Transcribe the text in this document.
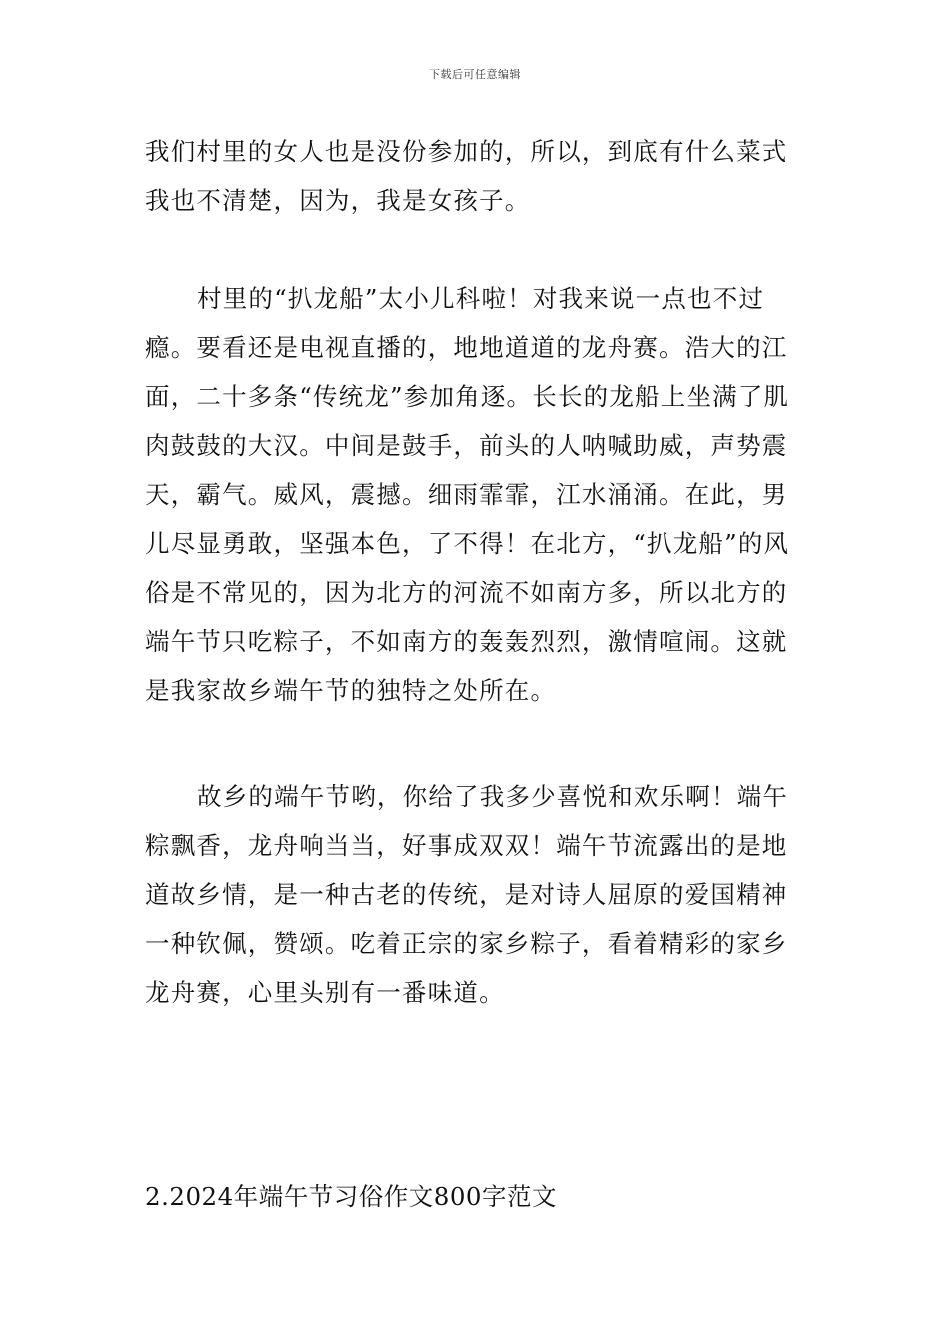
下载后可任意编辑

我们村里的女人也是没份参加的，所以，到底有什么菜式我也不清楚，因为，我是女孩子。

村里的“扒龙船”太小儿科啦！对我来说一点也不过瘾。要看还是电视直播的，地地道道的龙舟赛。浩大的江面，二十多条“传统龙”参加角逐。长长的龙船上坐满了肌肉鼓鼓的大汉。中间是鼓手，前头的人呐喊助威，声势震天，霸气。威风，震撼。细雨霏霏，江水涌涌。在此，男儿尽显勇敢，坚强本色，了不得！在北方，“扒龙船”的风俗是不常见的，因为北方的河流不如南方多，所以北方的端午节只吃粽子，不如南方的轰轰烈烈，激情喧闹。这就是我家故乡端午节的独特之处所在。

故乡的端午节哟，你给了我多少喜悦和欢乐啊！端午粽飘香，龙舟响当当，好事成双双！端午节流露出的是地道故乡情，是一种古老的传统，是对诗人屈原的爱国精神一种钦佩，赞颂。吃着正宗的家乡粽子，看着精彩的家乡龙舟赛，心里头别有一番味道。

2.2024年端午节习俗作文800字范文
